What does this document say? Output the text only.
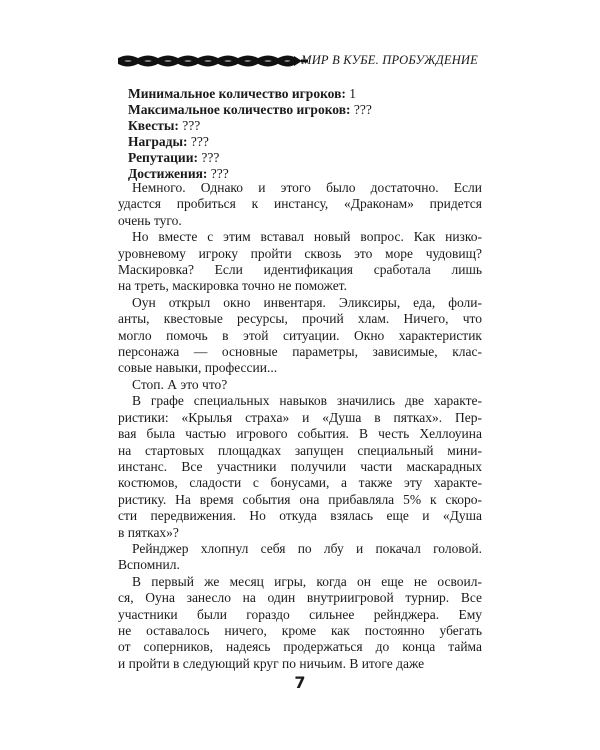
МИР В КУБЕ. ПРОБУЖДЕНИЕ
Минимальное количество игроков: 1
Максимальное количество игроков: ???
Квесты: ???
Награды: ???
Репутации: ???
Достижения: ???

Немного. Однако и этого было достаточно. Если
удастся пробиться к инстансу, «Драконам» придется
очень туго.

Но вместе с этим вставал новый вопрос. Как низко-
уровневому игроку пройти сквозь это море чудовищ?
Маскировка? Если идентификация сработала лишь
на треть, маскировка точно не поможет.

Оун открыл окно инвентаря. Эликсиры, еда, фоли-
анты, квестовые ресурсы, прочий хлам. Ничего, что
могло помочь в этой ситуации. Окно характеристик
персонажа — основные параметры, зависимые, клас-
совые навыки, профессии...

Стоп. А это что?

В графе специальных навыков значились две характе-
ристики: «Крылья страха» и «Душа в пятках». Пер-
вая была частью игрового события. В честь Хеллоуина
на стартовых площадках запущен специальный мини-
инстанс. Все участники получили части маскарадных
костюмов, сладости с бонусами, а также эту характе-
ристику. На время события она прибавляла 5% к скоро-
сти передвижения. Но откуда взялась еще и «Душа
в пятках»?

Рейнджер хлопнул себя по лбу и покачал головой.
Вспомнил.

В первый же месяц игры, когда он еще не освоил-
ся, Оуна занесло на один внутриигровой турнир. Все
участники были гораздо сильнее рейнджера. Ему
не оставалось ничего, кроме как постоянно убегать
от соперников, надеясь продержаться до конца тайма
и пройти в следующий круг по ничьим. В итоге даже

7
